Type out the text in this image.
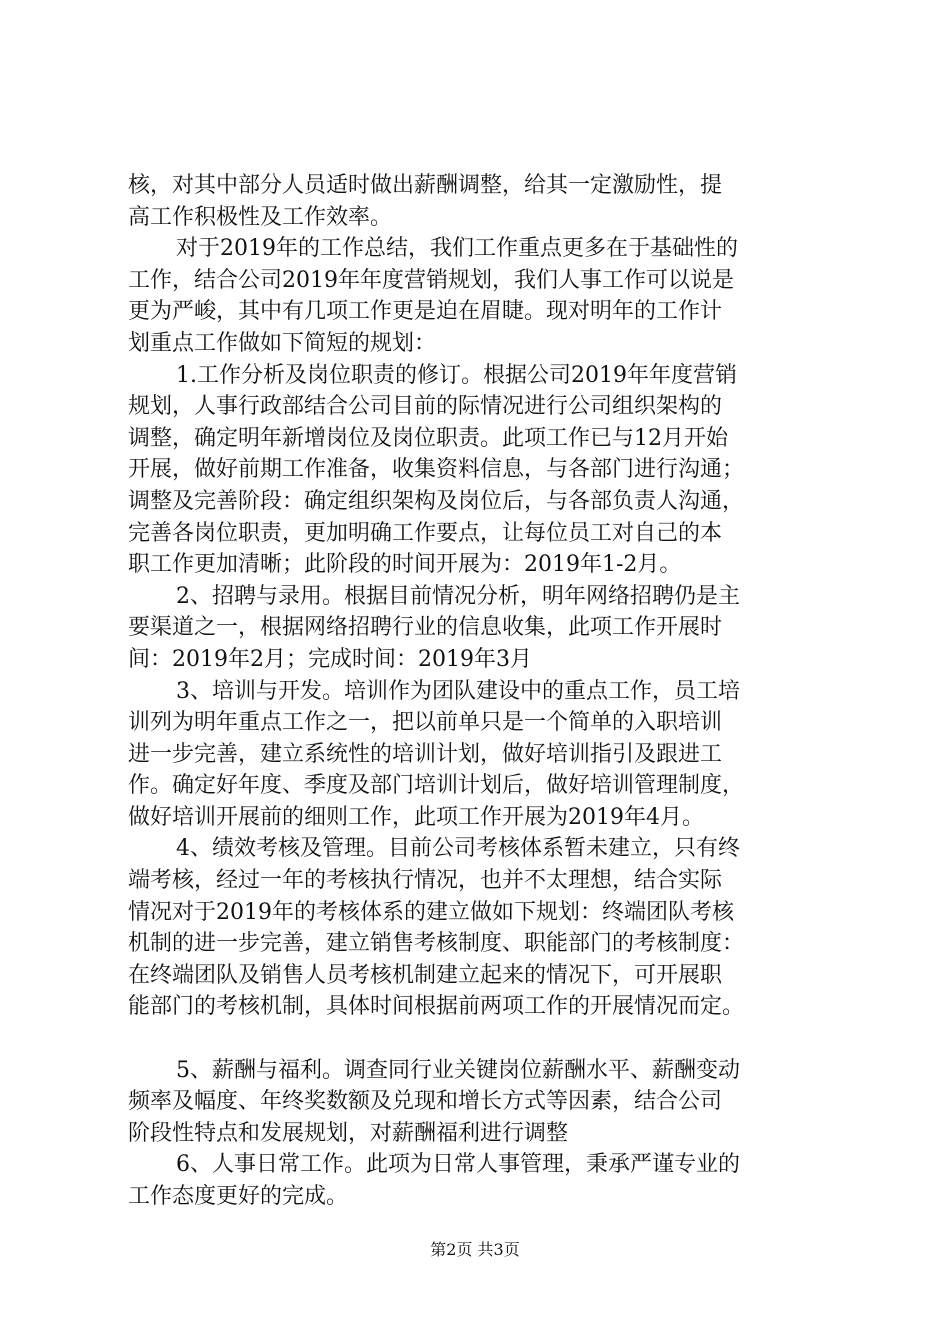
核，对其中部分人员适时做出薪酬调整，给其一定激励性，提
高工作积极性及工作效率。
对于2019年的工作总结，我们工作重点更多在于基础性的
工作，结合公司2019年年度营销规划，我们人事工作可以说是
更为严峻，其中有几项工作更是迫在眉睫。现对明年的工作计
划重点工作做如下简短的规划：
1.工作分析及岗位职责的修订。根据公司2019年年度营销
规划，人事行政部结合公司目前的际情况进行公司组织架构的
调整，确定明年新增岗位及岗位职责。此项工作已与12月开始
开展，做好前期工作准备，收集资料信息，与各部门进行沟通；
调整及完善阶段：确定组织架构及岗位后，与各部负责人沟通，
完善各岗位职责，更加明确工作要点，让每位员工对自己的本
职工作更加清晰；此阶段的时间开展为：2019年1-2月。
2、招聘与录用。根据目前情况分析，明年网络招聘仍是主
要渠道之一，根据网络招聘行业的信息收集，此项工作开展时
间：2019年2月；完成时间：2019年3月
3、培训与开发。培训作为团队建设中的重点工作，员工培
训列为明年重点工作之一，把以前单只是一个简单的入职培训
进一步完善，建立系统性的培训计划，做好培训指引及跟进工
作。确定好年度、季度及部门培训计划后，做好培训管理制度，
做好培训开展前的细则工作，此项工作开展为2019年4月。
4、绩效考核及管理。目前公司考核体系暂未建立，只有终
端考核，经过一年的考核执行情况，也并不太理想，结合实际
情况对于2019年的考核体系的建立做如下规划：终端团队考核
机制的进一步完善，建立销售考核制度、职能部门的考核制度：
在终端团队及销售人员考核机制建立起来的情况下，可开展职
能部门的考核机制，具体时间根据前两项工作的开展情况而定。
5、薪酬与福利。调查同行业关键岗位薪酬水平、薪酬变动
频率及幅度、年终奖数额及兑现和增长方式等因素，结合公司
阶段性特点和发展规划，对薪酬福利进行调整
6、人事日常工作。此项为日常人事管理，秉承严谨专业的
工作态度更好的完成。
第2页 共3页
